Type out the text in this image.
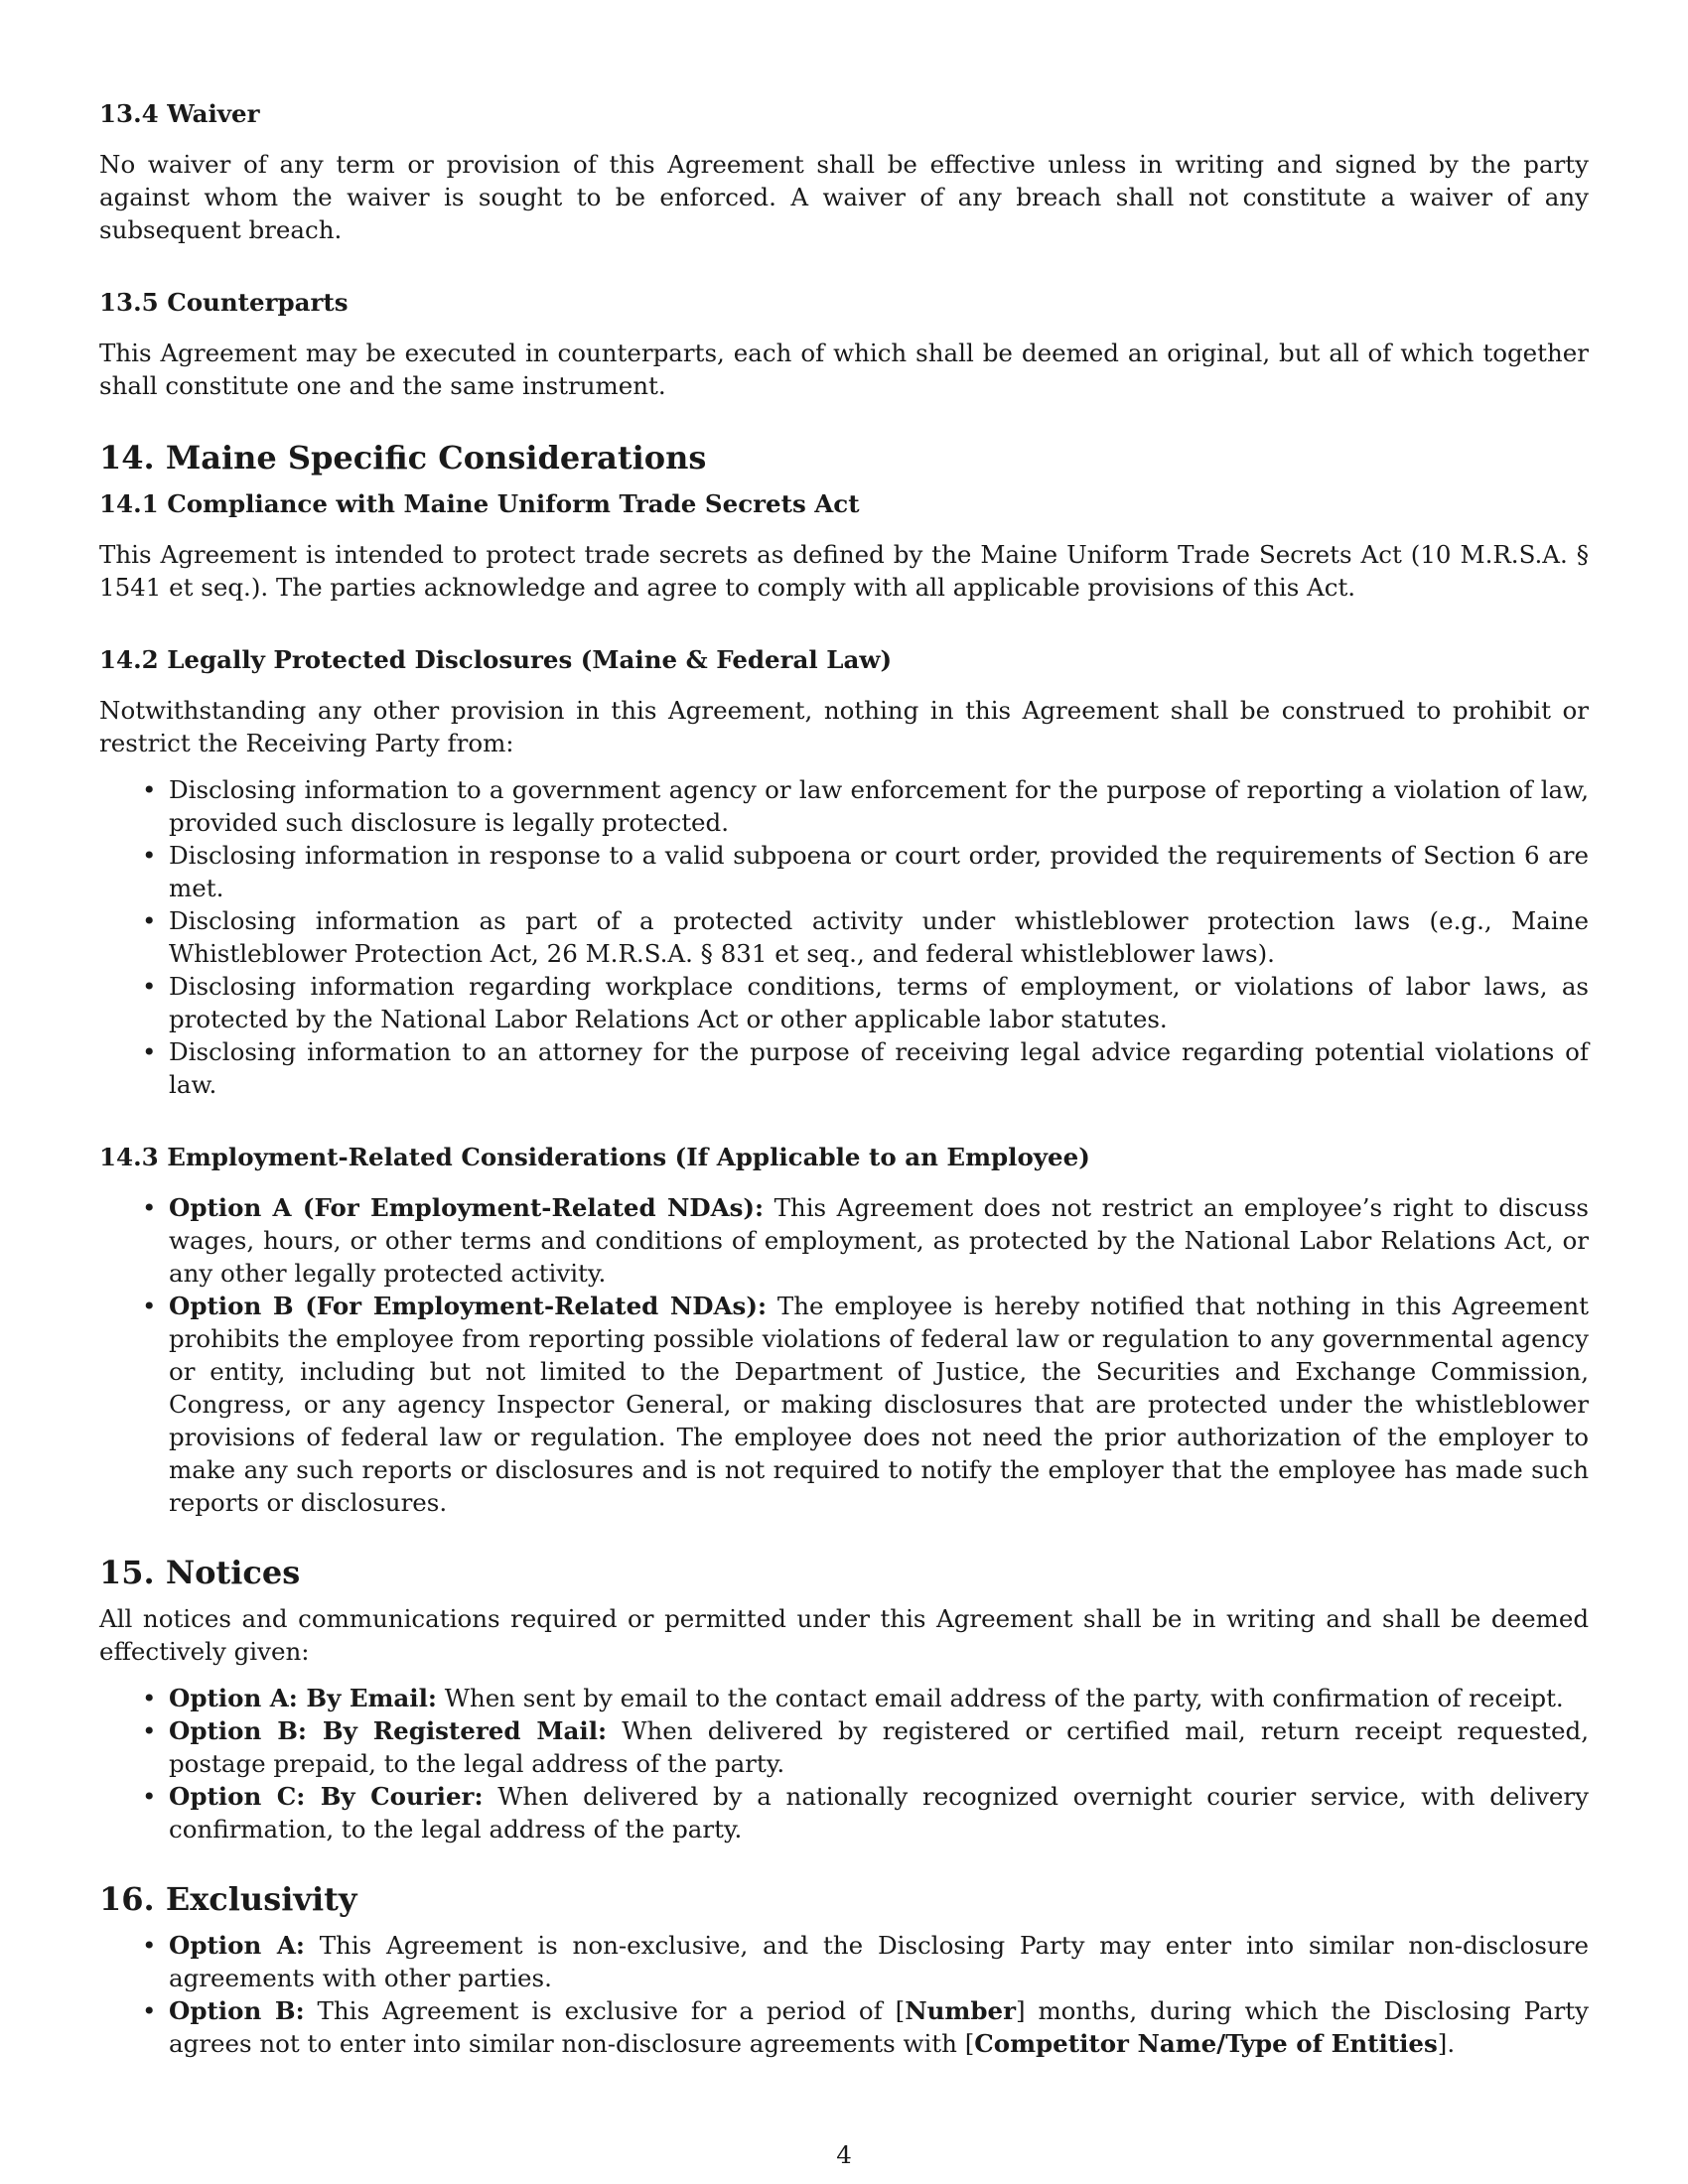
13.4 Waiver

No waiver of any term or provision of this Agreement shall be effective unless in writing and signed by the party against whom the waiver is sought to be enforced. A waiver of any breach shall not constitute a waiver of any subsequent breach.

13.5 Counterparts

This Agreement may be executed in counterparts, each of which shall be deemed an original, but all of which together shall constitute one and the same instrument.

14. Maine Specific Considerations
14.1 Compliance with Maine Uniform Trade Secrets Act

This Agreement is intended to protect trade secrets as defined by the Maine Uniform Trade Secrets Act (10 M.R.S.A. § 1541 et seq.). The parties acknowledge and agree to comply with all applicable provisions of this Act.

14.2 Legally Protected Disclosures (Maine & Federal Law)

Notwithstanding any other provision in this Agreement, nothing in this Agreement shall be construed to prohibit or restrict the Receiving Party from:

• Disclosing information to a government agency or law enforcement for the purpose of reporting a violation of law, provided such disclosure is legally protected.
• Disclosing information in response to a valid subpoena or court order, provided the requirements of Section 6 are met.
• Disclosing information as part of a protected activity under whistleblower protection laws (e.g., Maine Whistleblower Protection Act, 26 M.R.S.A. § 831 et seq., and federal whistleblower laws).
• Disclosing information regarding workplace conditions, terms of employment, or violations of labor laws, as protected by the National Labor Relations Act or other applicable labor statutes.
• Disclosing information to an attorney for the purpose of receiving legal advice regarding potential violations of law.
14.3 Employment-Related Considerations (If Applicable to an Employee)
• Option A (For Employment-Related NDAs): This Agreement does not restrict an employee’s right to discuss wages, hours, or other terms and conditions of employment, as protected by the National Labor Relations Act, or any other legally protected activity.
• Option B (For Employment-Related NDAs): The employee is hereby notified that nothing in this Agreement prohibits the employee from reporting possible violations of federal law or regulation to any governmental agency or entity, including but not limited to the Department of Justice, the Securities and Exchange Commission, Congress, or any agency Inspector General, or making disclosures that are protected under the whistleblower provisions of federal law or regulation. The employee does not need the prior authorization of the employer to make any such reports or disclosures and is not required to notify the employer that the employee has made such reports or disclosures.
15. Notices

All notices and communications required or permitted under this Agreement shall be in writing and shall be deemed effectively given:

• Option A: By Email: When sent by email to the contact email address of the party, with confirmation of receipt.
• Option B: By Registered Mail: When delivered by registered or certified mail, return receipt requested, postage prepaid, to the legal address of the party.
• Option C: By Courier: When delivered by a nationally recognized overnight courier service, with delivery confirmation, to the legal address of the party.
16. Exclusivity
• Option A: This Agreement is non-exclusive, and the Disclosing Party may enter into similar non-disclosure agreements with other parties.
• Option B: This Agreement is exclusive for a period of [Number] months, during which the Disclosing Party agrees not to enter into similar non-disclosure agreements with [Competitor Name/Type of Entities].
4
